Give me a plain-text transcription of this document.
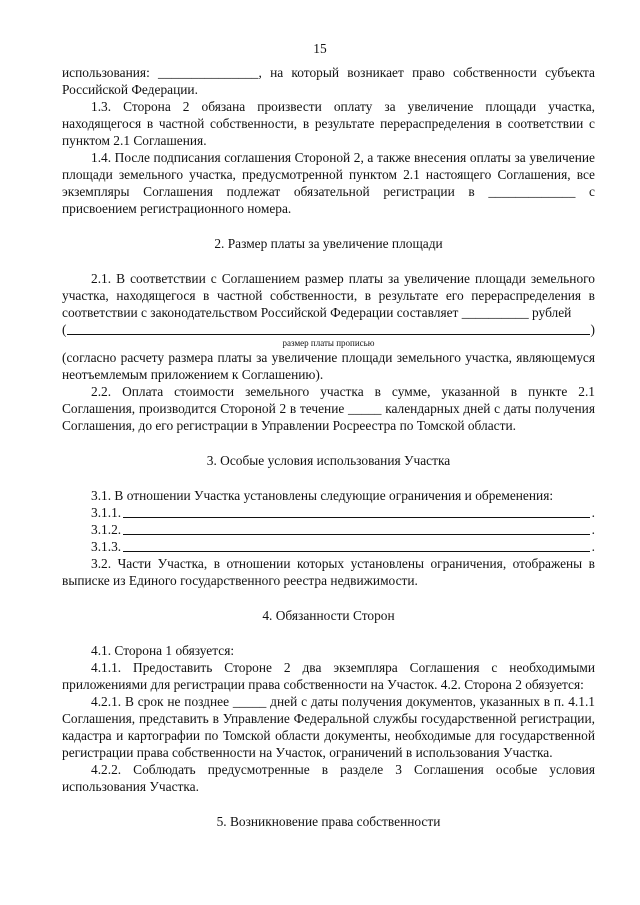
15

использования: _______________, на который возникает право собственности субъекта Российской Федерации.

1.3. Сторона 2 обязана произвести оплату за увеличение площади участка, находящегося в частной собственности, в результате перераспределения в соответствии с пунктом 2.1 Соглашения.

1.4. После подписания соглашения Стороной 2, а также внесения оплаты за увеличение площади земельного участка, предусмотренной пунктом 2.1 настоящего Соглашения, все экземпляры Соглашения подлежат обязательной регистрации в _____________ с присвоением регистрационного номера.

2. Размер платы за увеличение площади

2.1. В соответствии с Соглашением размер платы за увеличение площади земельного участка, находящегося в частной собственности, в результате его перераспределения в соответствии с законодательством Российской Федерации составляет __________ рублей

(	)

размер платы прописью

(согласно расчету размера платы за увеличение площади земельного участка, являющемуся неотъемлемым приложением к Соглашению).

2.2. Оплата стоимости земельного участка в сумме, указанной в пункте 2.1 Соглашения, производится Стороной 2 в течение _____ календарных дней с даты получения Соглашения, до его регистрации в Управлении Росреестра по Томской области.

3. Особые условия использования Участка

3.1. В отношении Участка установлены следующие ограничения и обременения:

3.1.1.	.
3.1.2.	.
3.1.3.	.

3.2. Части Участка, в отношении которых установлены ограничения, отображены в выписке из Единого государственного реестра недвижимости.

4. Обязанности Сторон

4.1. Сторона 1 обязуется:

4.1.1. Предоставить Стороне 2 два экземпляра Соглашения с необходимыми приложениями для регистрации права собственности на Участок. 4.2. Сторона 2 обязуется:

4.2.1. В срок не позднее _____ дней с даты получения документов, указанных в п. 4.1.1 Соглашения, представить в Управление Федеральной службы государственной регистрации, кадастра и картографии по Томской области документы, необходимые для государственной регистрации права собственности на Участок, ограничений в использования Участка.

4.2.2. Соблюдать предусмотренные в разделе 3 Соглашения особые условия использования Участка.

5. Возникновение права собственности
